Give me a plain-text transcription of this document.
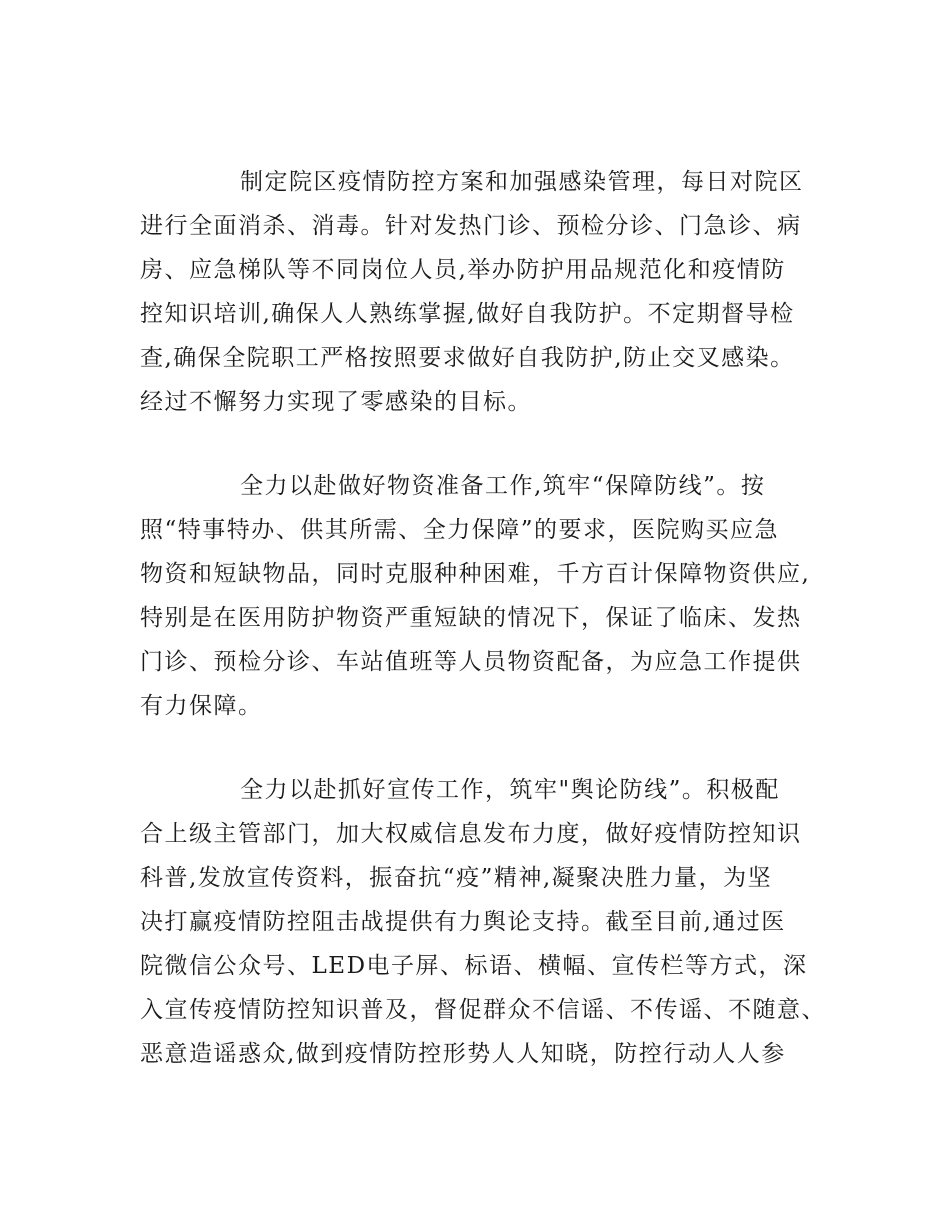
制定院区疫情防控方案和加强感染管理，每日对院区
进行全面消杀、消毒。针对发热门诊、预检分诊、门急诊、病
房、应急梯队等不同岗位人员,举办防护用品规范化和疫情防
控知识培训,确保人人熟练掌握,做好自我防护。不定期督导检
查,确保全院职工严格按照要求做好自我防护,防止交叉感染。
经过不懈努力实现了零感染的目标。
全力以赴做好物资准备工作,筑牢“保障防线”。按
照“特事特办、供其所需、全力保障”的要求，医院购买应急
物资和短缺物品，同时克服种种困难，千方百计保障物资供应,
特别是在医用防护物资严重短缺的情况下，保证了临床、发热
门诊、预检分诊、车站值班等人员物资配备，为应急工作提供
有力保障。
全力以赴抓好宣传工作，筑牢"舆论防线”。积极配
合上级主管部门，加大权威信息发布力度，做好疫情防控知识
科普,发放宣传资料，振奋抗“疫”精神,凝聚决胜力量，为坚
决打赢疫情防控阻击战提供有力舆论支持。截至目前,通过医
院微信公众号、LED电子屏、标语、横幅、宣传栏等方式，深
入宣传疫情防控知识普及，督促群众不信谣、不传谣、不随意、
恶意造谣惑众,做到疫情防控形势人人知晓，防控行动人人参
